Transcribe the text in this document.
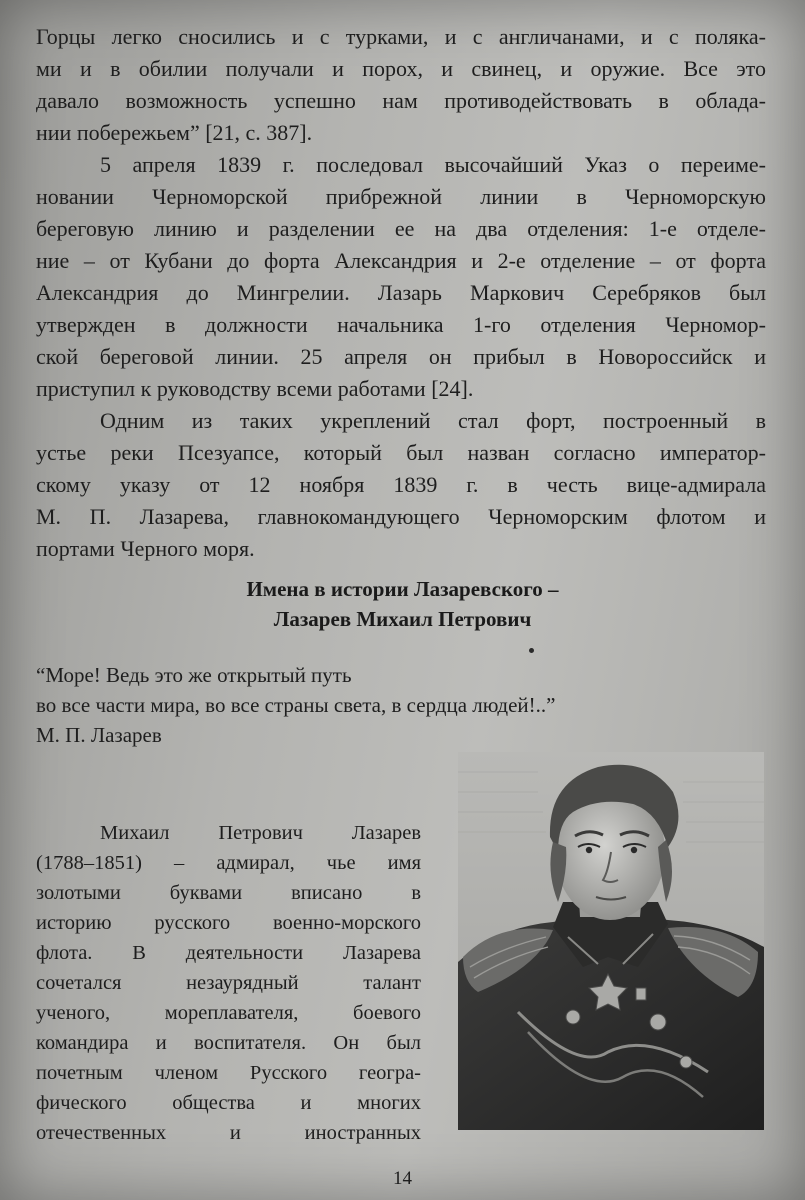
Горцы легко сносились и с турками, и с англичанами, и с поляка-
ми и в обилии получали и порох, и свинец, и оружие. Все это
давало возможность успешно нам противодействовать в облада-
нии побережьем” [21, с. 387].
5 апреля 1839 г. последовал высочайший Указ о переиме-
новании Черноморской прибрежной линии в Черноморскую
береговую линию и разделении ее на два отделения: 1-е отделе-
ние – от Кубани до форта Александрия и 2-е отделение – от форта
Александрия до Мингрелии. Лазарь Маркович Серебряков был
утвержден в должности начальника 1-го отделения Черномор-
ской береговой линии. 25 апреля он прибыл в Новороссийск и
приступил к руководству всеми работами [24].
Одним из таких укреплений стал форт, построенный в
устье реки Псезуапсе, который был назван согласно император-
скому указу от 12 ноября 1839 г. в честь вице-адмирала
М. П. Лазарева, главнокомандующего Черноморским флотом и
портами Черного моря.
Имена в истории Лазаревского –
Лазарев Михаил Петрович
“Море! Ведь это же открытый путь
во все части мира, во все страны света, в сердца людей!..”
М. П. Лазарев
Михаил Петрович Лазарев
(1788–1851) – адмирал, чье имя
золотыми буквами вписано в
историю русского военно-морского
флота. В деятельности Лазарева
сочетался незаурядный талант
ученого, мореплавателя, боевого
командира и воспитателя. Он был
почетным членом Русского геогра-
фического общества и многих
отечественных и иностранных
14
